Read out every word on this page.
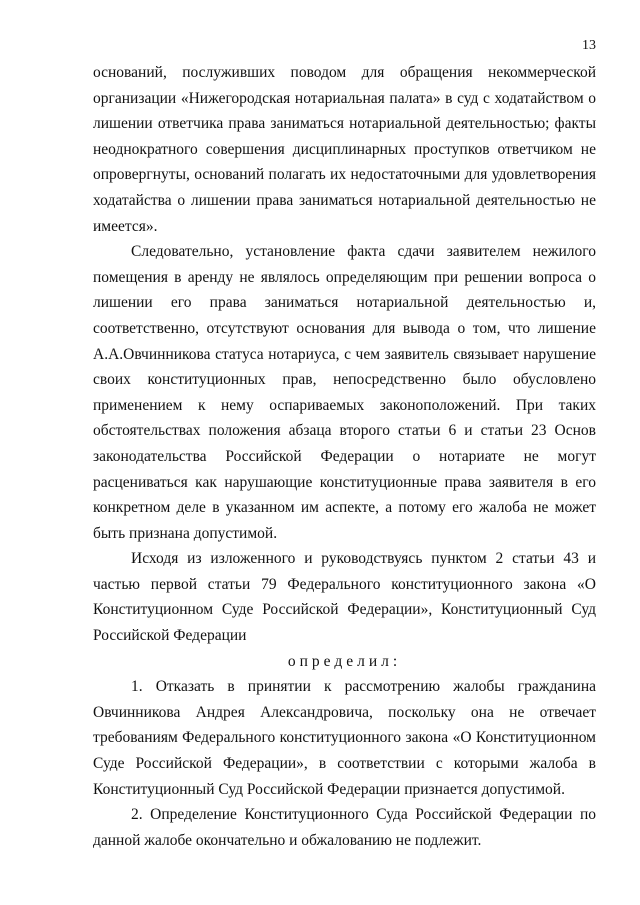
13

оснований, послуживших поводом для обращения некоммерческой организации «Нижегородская нотариальная палата» в суд с ходатайством о лишении ответчика права заниматься нотариальной деятельностью; факты неоднократного совершения дисциплинарных проступков ответчиком не опровергнуты, оснований полагать их недостаточными для удовлетворения ходатайства о лишении права заниматься нотариальной деятельностью не имеется».

Следовательно, установление факта сдачи заявителем нежилого помещения в аренду не являлось определяющим при решении вопроса о лишении его права заниматься нотариальной деятельностью и, соответственно, отсутствуют основания для вывода о том, что лишение А.А.Овчинникова статуса нотариуса, с чем заявитель связывает нарушение своих конституционных прав, непосредственно было обусловлено применением к нему оспариваемых законоположений. При таких обстоятельствах положения абзаца второго статьи 6 и статьи 23 Основ законодательства Российской Федерации о нотариате не могут расцениваться как нарушающие конституционные права заявителя в его конкретном деле в указанном им аспекте, а потому его жалоба не может быть признана допустимой.

Исходя из изложенного и руководствуясь пунктом 2 статьи 43 и частью первой статьи 79 Федерального конституционного закона «О Конституционном Суде Российской Федерации», Конституционный Суд Российской Федерации

определил:

1. Отказать в принятии к рассмотрению жалобы гражданина Овчинникова Андрея Александровича, поскольку она не отвечает требованиям Федерального конституционного закона «О Конституционном Суде Российской Федерации», в соответствии с которыми жалоба в Конституционный Суд Российской Федерации признается допустимой.

2. Определение Конституционного Суда Российской Федерации по данной жалобе окончательно и обжалованию не подлежит.
